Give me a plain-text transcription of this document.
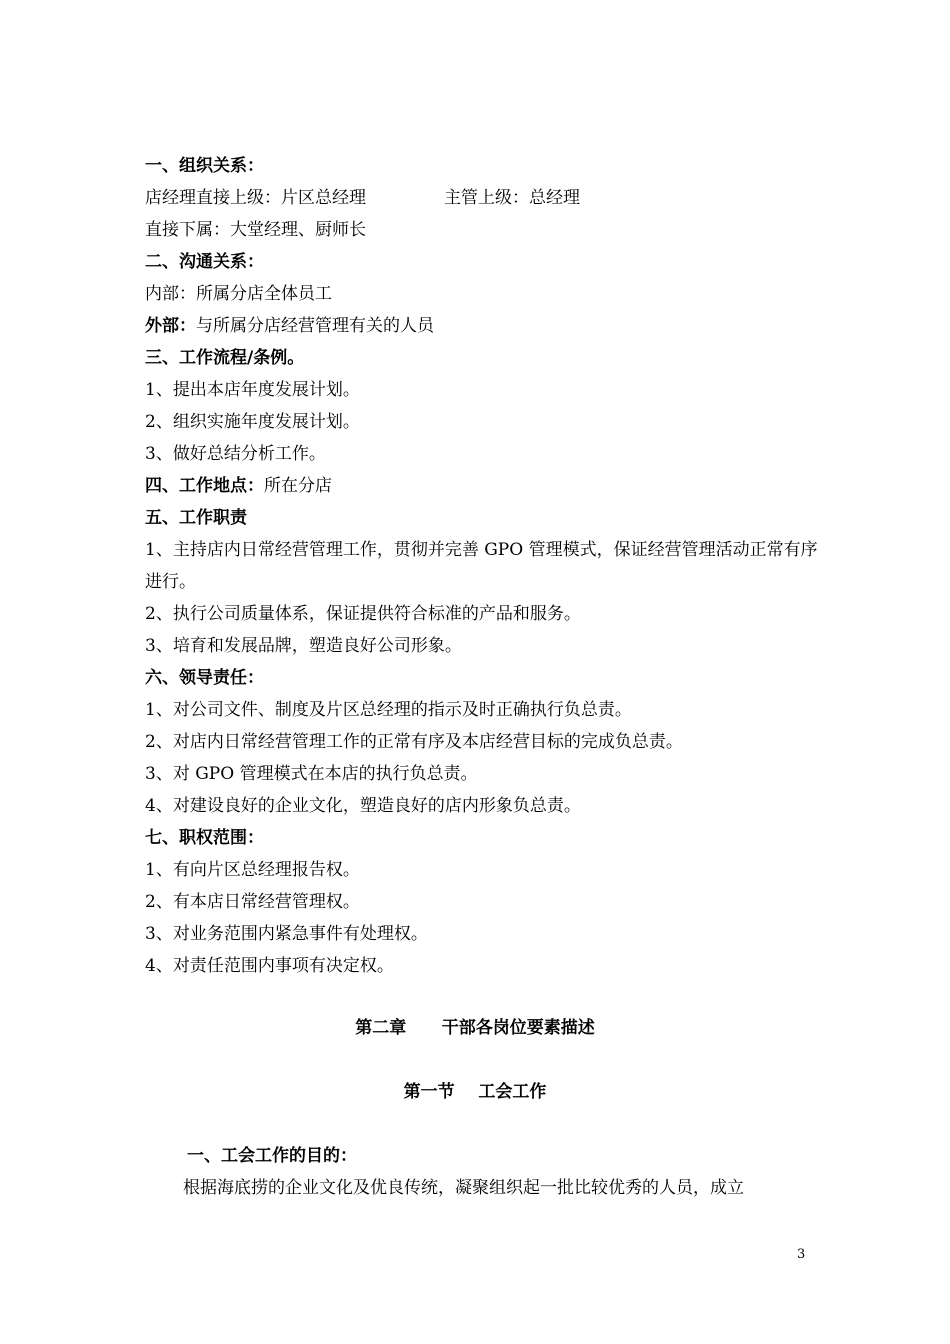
一、组织关系：
店经理直接上级：片区总经理	主管上级：总经理
直接下属：大堂经理、厨师长
二、沟通关系：
内部：所属分店全体员工
外部：与所属分店经营管理有关的人员
三、工作流程/条例。
1、提出本店年度发展计划。
2、组织实施年度发展计划。
3、做好总结分析工作。
四、工作地点：所在分店
五、工作职责
1、主持店内日常经营管理工作，贯彻并完善 GPO 管理模式，保证经营管理活动正常有序进行。
2、执行公司质量体系，保证提供符合标准的产品和服务。
3、培育和发展品牌，塑造良好公司形象。
六、领导责任：
1、对公司文件、制度及片区总经理的指示及时正确执行负总责。
2、对店内日常经营管理工作的正常有序及本店经营目标的完成负总责。
3、对 GPO 管理模式在本店的执行负总责。
4、对建设良好的企业文化，塑造良好的店内形象负总责。
七、职权范围：
1、有向片区总经理报告权。
2、有本店日常经营管理权。
3、对业务范围内紧急事件有处理权。
4、对责任范围内事项有决定权。
第二章      干部各岗位要素描述
第一节    工会工作
一、工会工作的目的：
根据海底捞的企业文化及优良传统，凝聚组织起一批比较优秀的人员，成立
3
